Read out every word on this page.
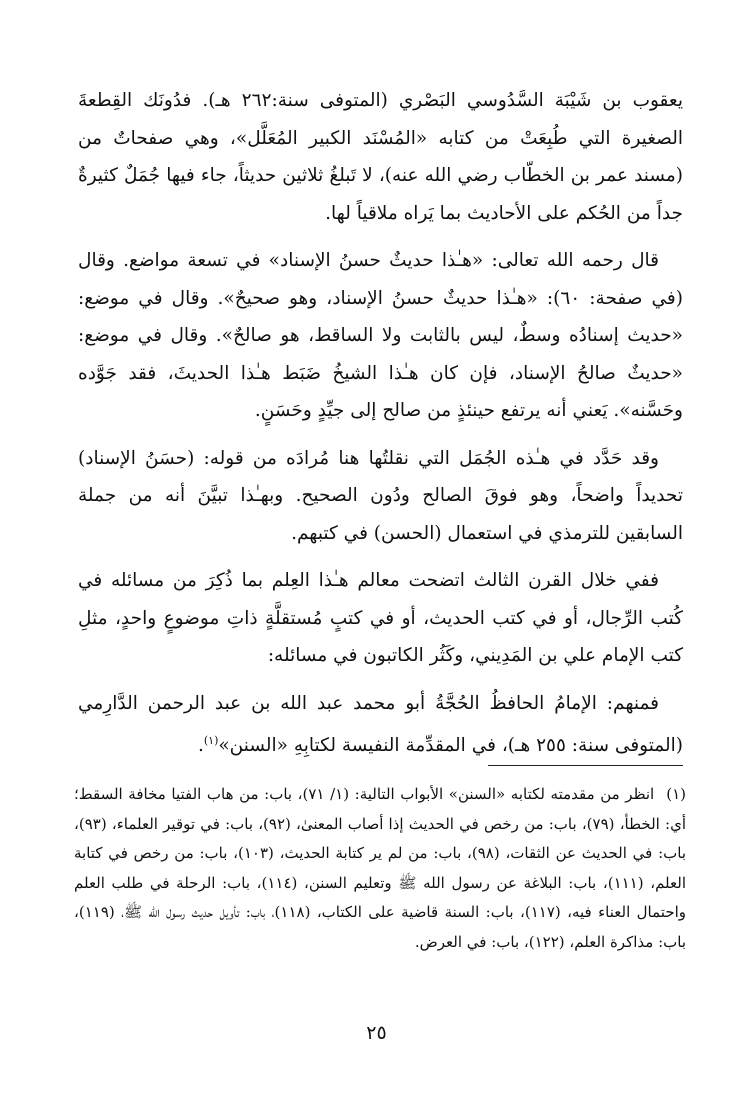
يعقوب بن شَيْبَة السَّدُوسي البَصْري (المتوفى سنة:٢٦٢ هـ). فدُونَك القِطعةَ الصغيرة التي طُبِعَتْ من كتابه «المُسْنَد الكبير المُعَلَّل»، وهي صفحاتٌ من (مسند عمر بن الخطّاب رضي الله عنه)، لا تَبلغُ ثلاثين حديثاً، جاء فيها جُمَلٌ كثيرةٌ جداً من الحُكم على الأحاديث بما يَراه ملاقياً لها.

قال رحمه الله تعالى: «هـٰذا حديثٌ حسنُ الإسناد» في تسعة مواضع. وقال (في صفحة: ٦٠): «هـٰذا حديثٌ حسنُ الإسناد، وهو صحيحٌ». وقال في موضع: «حديث إسنادُه وسطٌ، ليس بالثابت ولا الساقط، هو صالحٌ». وقال في موضع: «حديثٌ صالحُ الإسناد، فإن كان هـٰذا الشيخُ ضَبَط هـٰذا الحديثَ، فقد جَوَّده وحَسَّنه». يَعني أنه يرتفع حينئذٍ من صالح إلى جيِّدٍ وحَسَنٍ.

وقد حَدَّد في هـٰذه الجُمَل التي نقلتُها هنا مُرادَه من قوله: (حسَنُ الإسناد) تحديداً واضحاً، وهو فوقَ الصالح ودُون الصحيح. وبهـٰذا تبيَّنَ أنه من جملة السابقين للترمذي في استعمال (الحسن) في كتبهم.

ففي خلال القرن الثالث اتضحت معالم هـٰذا العِلم بما ذُكِرَ من مسائله في كُتب الرِّجال، أو في كتب الحديث، أو في كتبٍ مُستقلَّةٍ ذاتِ موضوعٍ واحدٍ، مثلِ كتب الإمام علي بن المَدِيني، وكَثُر الكاتبون في مسائله:

فمنهم: الإمامُ الحافظُ الحُجَّةُ أبو محمد عبد الله بن عبد الرحمن الدَّارِمي (المتوفى سنة: ٢٥٥ هـ)، في المقدِّمة النفيسة لكتابِهِ «السنن»$^{(١)}$.

(١)انظر من مقدمته لكتابه «السنن» الأبواب التالية: (١/ ٧١)، باب: من هاب الفتيا مخافة السقط؛ أي: الخطأ، (٧٩)، باب: من رخص في الحديث إذا أصاب المعنىٰ، (٩٢)، باب: في توقير العلماء، (٩٣)، باب: في الحديث عن الثقات، (٩٨)، باب: من لم ير كتابة الحديث، (١٠٣)، باب: من رخص في كتابة العلم، (١١١)، باب: البلاغة عن رسول الله ﷺ وتعليم السنن، (١١٤)، باب: الرحلة في طلب العلم واحتمال العناء فيه، (١١٧)، باب: السنة قاضية على الكتاب، (١١٨)، باب: تأويل حديث رسول الله ﷺ، (١١٩)، باب: مذاكرة العلم، (١٢٢)، باب: في العرض.
٢٥
